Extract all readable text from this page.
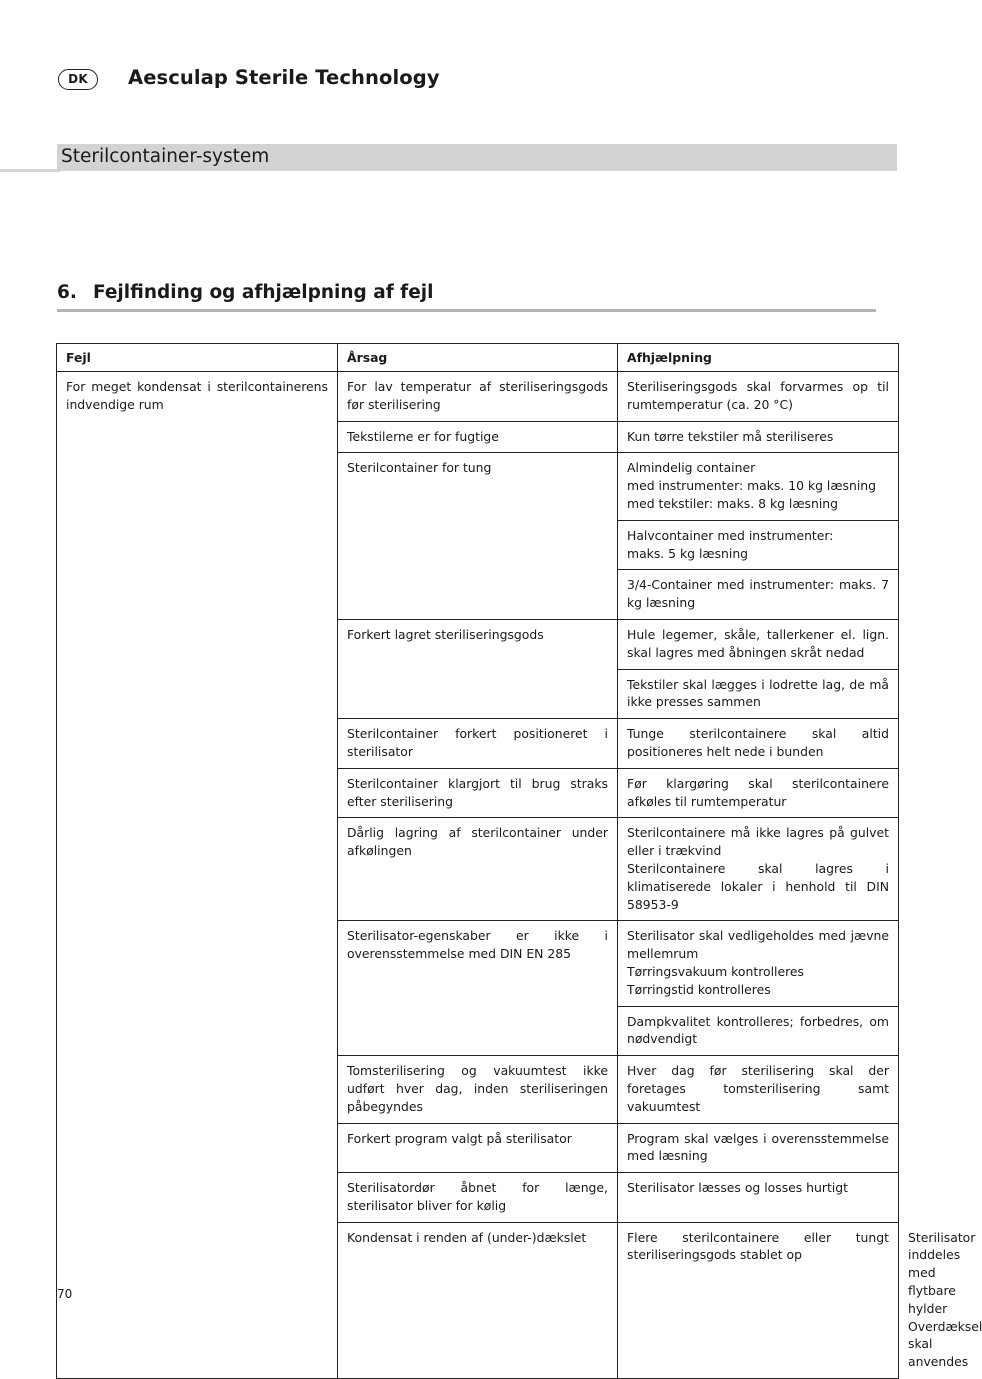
DK	Aesculap Sterile Technology
Sterilcontainer-system
6. Fejlfinding og afhjælpning af fejl
Fejl	Årsag	Afhjælpning	
For meget kondensat i sterilcontainerens indvendige rum	For lav temperatur af steriliseringsgods før sterilisering	Steriliseringsgods skal forvarmes op til rumtemperatur (ca. 20 °C)	
	Tekstilerne er for fugtige	Kun tørre tekstiler må steriliseres	
	Sterilcontainer for tung	Almindelig container
med instrumenter: maks. 10 kg læsning
med tekstiler: maks. 8 kg læsning	

		Halvcontainer med instrumenter:
maks. 5 kg læsning	

		3/4-Container med instrumenter: maks. 7 kg læsning	
	Forkert lagret steriliseringsgods	Hule legemer, skåle, tallerkener el. lign. skal lagres med åbningen skråt nedad	
		Tekstiler skal lægges i lodrette lag, de må ikke presses sammen	
	Sterilcontainer forkert positioneret i sterilisator	Tunge sterilcontainere skal altid positioneres helt nede i bunden	
	Sterilcontainer klargjort til brug straks efter sterilisering	Før klargøring skal sterilcontainere afkøles til rumtemperatur	
	Dårlig lagring af sterilcontainer under afkølingen	Sterilcontainere må ikke lagres på gulvet eller i trækvind
Sterilcontainere skal lagres i klimatiserede lokaler i henhold til DIN 58953-9	

	Sterilisator-egenskaber er ikke i overensstemmelse med DIN EN 285	Sterilisator skal vedligeholdes med jævne mellemrum
Tørringsvakuum kontrolleres
Tørringstid kontrolleres	

		Dampkvalitet kontrolleres; forbedres, om nødvendigt	
	Tomsterilisering og vakuumtest ikke udført hver dag, inden steriliseringen påbegyndes	Hver dag før sterilisering skal der foretages tomsterilisering samt vakuumtest	
	Forkert program valgt på sterilisator	Program skal vælges i overensstemmelse med læsning	
	Sterilisatordør åbnet for længe, sterilisator bliver for kølig	Sterilisator læsses og losses hurtigt	
	Kondensat i renden af (under-)dækslet	Flere sterilcontainere eller tungt steriliseringsgods stablet op	Sterilisator inddeles med flytbare hylder
Overdæksel skal anvendes
70
